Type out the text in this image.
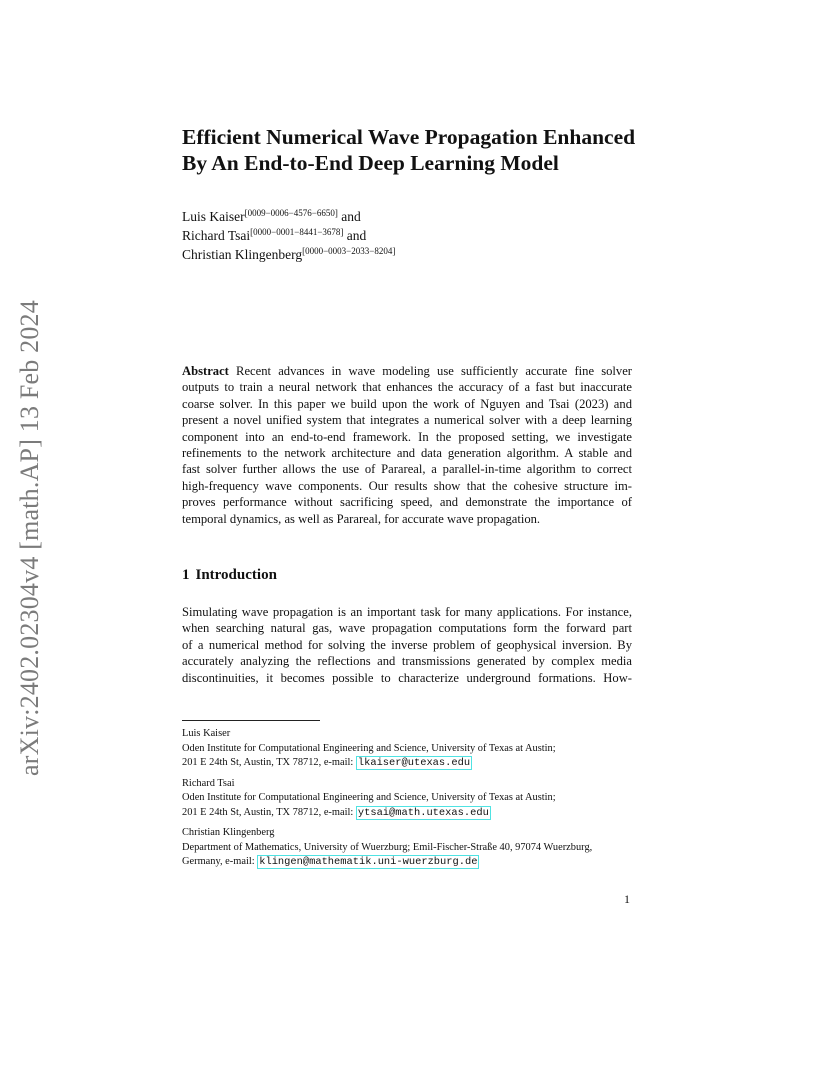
arXiv:2402.02304v4 [math.AP] 13 Feb 2024
Efficient Numerical Wave Propagation Enhanced
By An End-to-End Deep Learning Model
Luis Kaiser[0009−0006−4576−6650] and
Richard Tsai[0000−0001−8441−3678] and
Christian Klingenberg[0000−0003−2033−8204]
Abstract Recent advances in wave modeling use sufficiently accurate fine solver
outputs to train a neural network that enhances the accuracy of a fast but inaccurate
coarse solver. In this paper we build upon the work of Nguyen and Tsai (2023) and
present a novel unified system that integrates a numerical solver with a deep learning
component into an end-to-end framework. In the proposed setting, we investigate
refinements to the network architecture and data generation algorithm. A stable and
fast solver further allows the use of Parareal, a parallel-in-time algorithm to correct
high-frequency wave components. Our results show that the cohesive structure im-
proves performance without sacrificing speed, and demonstrate the importance of
temporal dynamics, as well as Parareal, for accurate wave propagation.
1 Introduction
Simulating wave propagation is an important task for many applications. For instance,
when searching natural gas, wave propagation computations form the forward part
of a numerical method for solving the inverse problem of geophysical inversion. By
accurately analyzing the reflections and transmissions generated by complex media
discontinuities, it becomes possible to characterize underground formations. How-
Luis Kaiser
Oden Institute for Computational Engineering and Science, University of Texas at Austin;
201 E 24th St, Austin, TX 78712, e-mail: lkaiser@utexas.edu
Richard Tsai
Oden Institute for Computational Engineering and Science, University of Texas at Austin;
201 E 24th St, Austin, TX 78712, e-mail: ytsai@math.utexas.edu
Christian Klingenberg
Department of Mathematics, University of Wuerzburg; Emil-Fischer-Straße 40, 97074 Wuerzburg,
Germany, e-mail: klingen@mathematik.uni-wuerzburg.de
1
